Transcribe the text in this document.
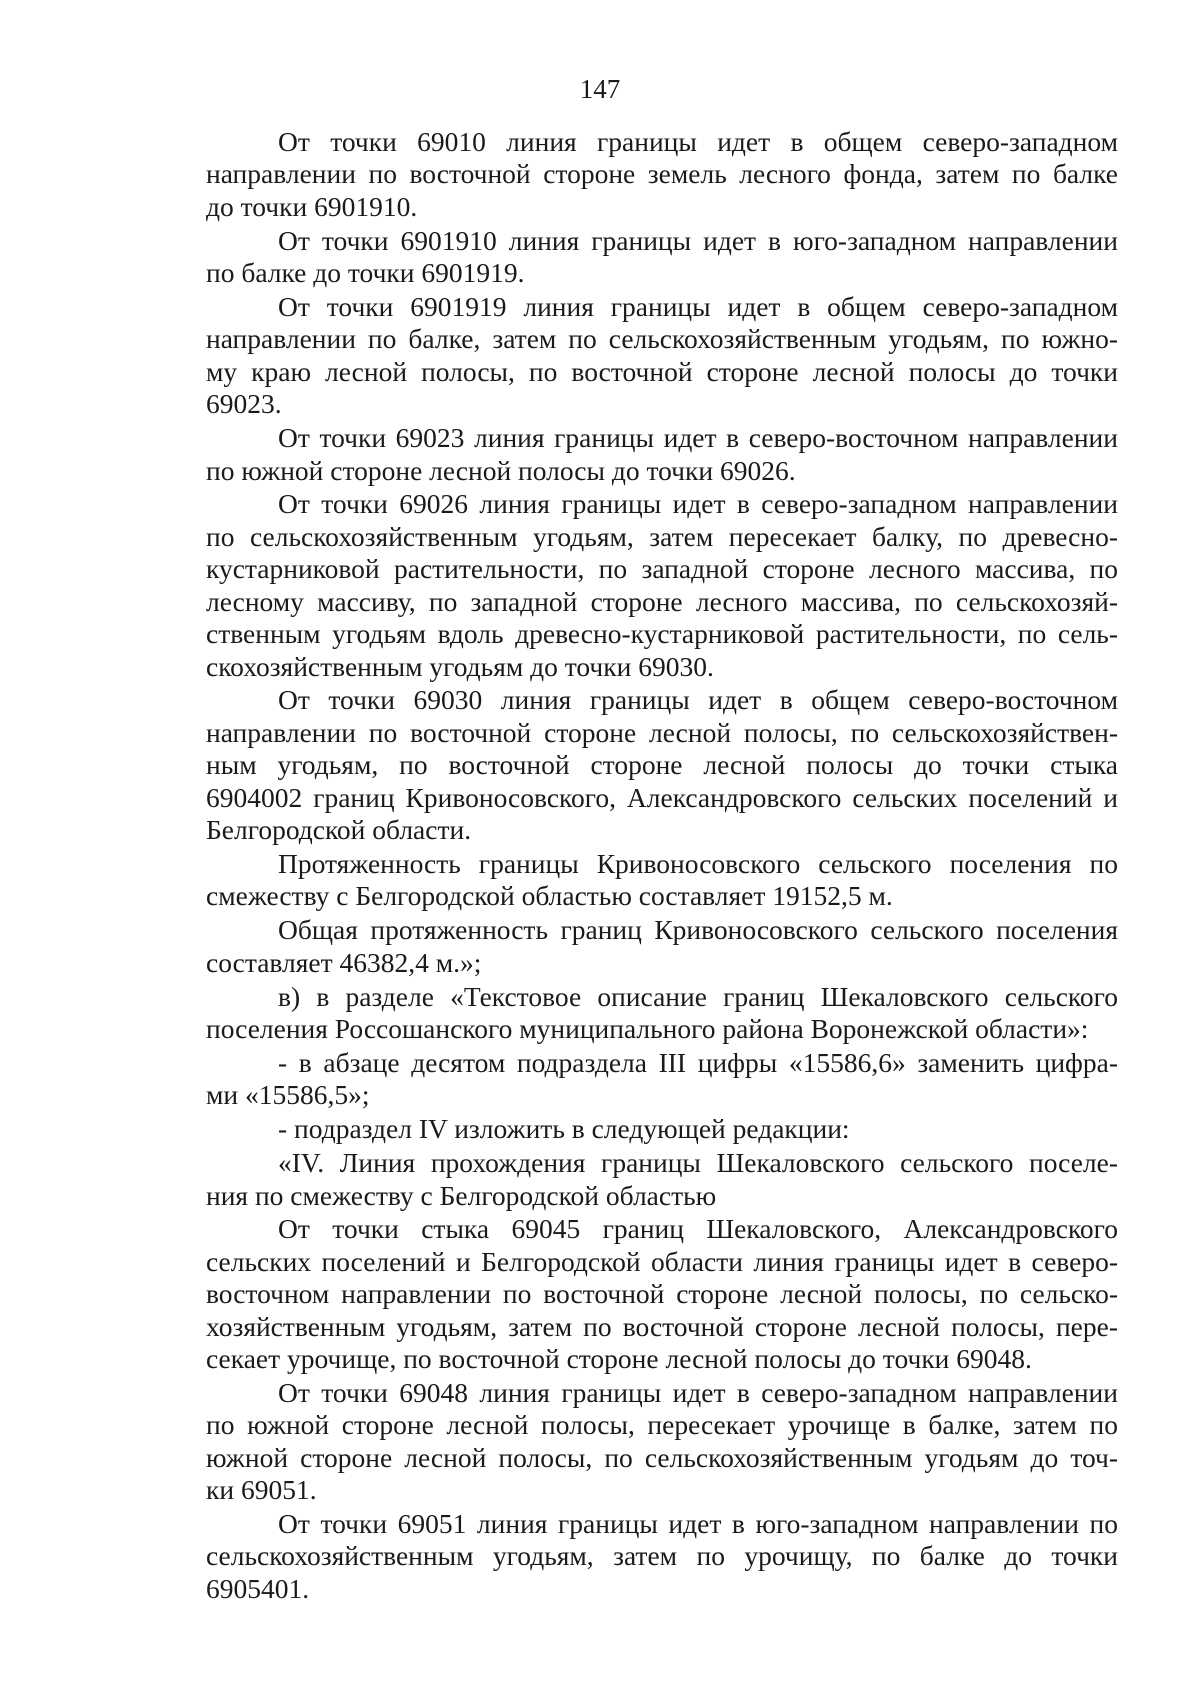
147

От точки 69010 линия границы идет в общем северо-западном
направлении по восточной стороне земель лесного фонда, затем по балке
до точки 6901910.

От точки 6901910 линия границы идет в юго-западном направлении
по балке до точки 6901919.

От точки 6901919 линия границы идет в общем северо-западном
направлении по балке, затем по сельскохозяйственным угодьям, по южно-
му краю лесной полосы, по восточной стороне лесной полосы до точки
69023.

От точки 69023 линия границы идет в северо-восточном направлении
по южной стороне лесной полосы до точки 69026.

От точки 69026 линия границы идет в северо-западном направлении
по сельскохозяйственным угодьям, затем пересекает балку, по древесно-
кустарниковой растительности, по западной стороне лесного массива, по
лесному массиву, по западной стороне лесного массива, по сельскохозяй-
ственным угодьям вдоль древесно-кустарниковой растительности, по сель-
скохозяйственным угодьям до точки 69030.

От точки 69030 линия границы идет в общем северо-восточном
направлении по восточной стороне лесной полосы, по сельскохозяйствен-
ным угодьям, по восточной стороне лесной полосы до точки стыка
6904002 границ Кривоносовского, Александровского сельских поселений и
Белгородской области.

Протяженность границы Кривоносовского сельского поселения по
смежеству с Белгородской областью составляет 19152,5 м.

Общая протяженность границ Кривоносовского сельского поселения
составляет 46382,4 м.»;

в) в разделе «Текстовое описание границ Шекаловского сельского
поселения Россошанского муниципального района Воронежской области»:

- в абзаце десятом подраздела III цифры «15586,6» заменить цифра-
ми «15586,5»;

- подраздел IV изложить в следующей редакции:

«IV. Линия прохождения границы Шекаловского сельского поселе-
ния по смежеству с Белгородской областью

От точки стыка 69045 границ Шекаловского, Александровского
сельских поселений и Белгородской области линия границы идет в северо-
восточном направлении по восточной стороне лесной полосы, по сельско-
хозяйственным угодьям, затем по восточной стороне лесной полосы, пере-
секает урочище, по восточной стороне лесной полосы до точки 69048.

От точки 69048 линия границы идет в северо-западном направлении
по южной стороне лесной полосы, пересекает урочище в балке, затем по
южной стороне лесной полосы, по сельскохозяйственным угодьям до точ-
ки 69051.

От точки 69051 линия границы идет в юго-западном направлении по
сельскохозяйственным угодьям, затем по урочищу, по балке до точки
6905401.
